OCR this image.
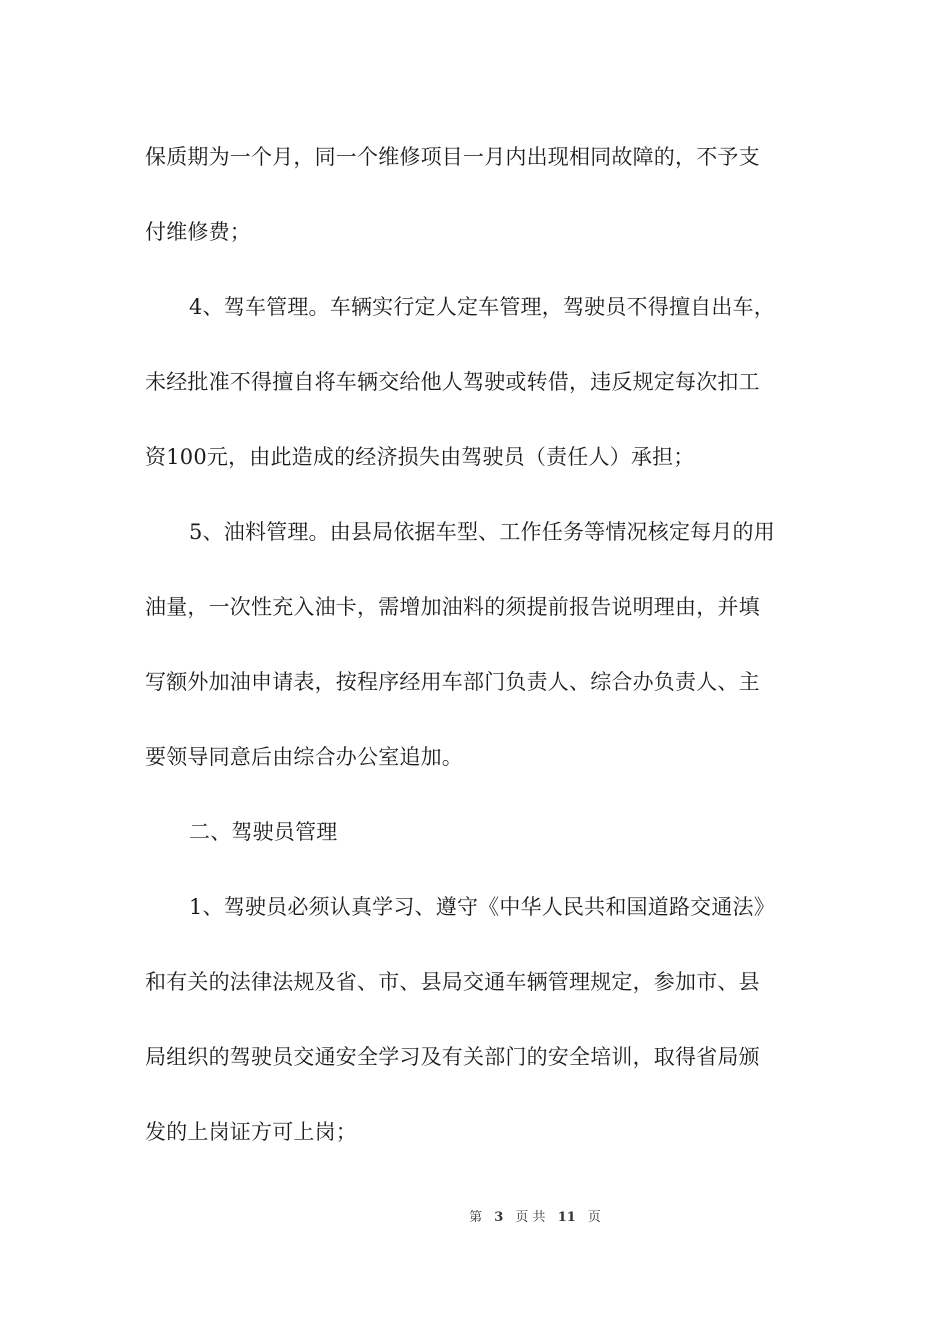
保质期为一个月，同一个维修项目一月内出现相同故障的，不予支
付维修费；
4、驾车管理。车辆实行定人定车管理，驾驶员不得擅自出车，
未经批准不得擅自将车辆交给他人驾驶或转借，违反规定每次扣工
资100元，由此造成的经济损失由驾驶员（责任人）承担；
5、油料管理。由县局依据车型、工作任务等情况核定每月的用
油量，一次性充入油卡，需增加油料的须提前报告说明理由，并填
写额外加油申请表，按程序经用车部门负责人、综合办负责人、主
要领导同意后由综合办公室追加。
二、驾驶员管理
1、驾驶员必须认真学习、遵守《中华人民共和国道路交通法》
和有关的法律法规及省、市、县局交通车辆管理规定，参加市、县
局组织的驾驶员交通安全学习及有关部门的安全培训，取得省局颁
发的上岗证方可上岗；
第 3 页 共 11 页
